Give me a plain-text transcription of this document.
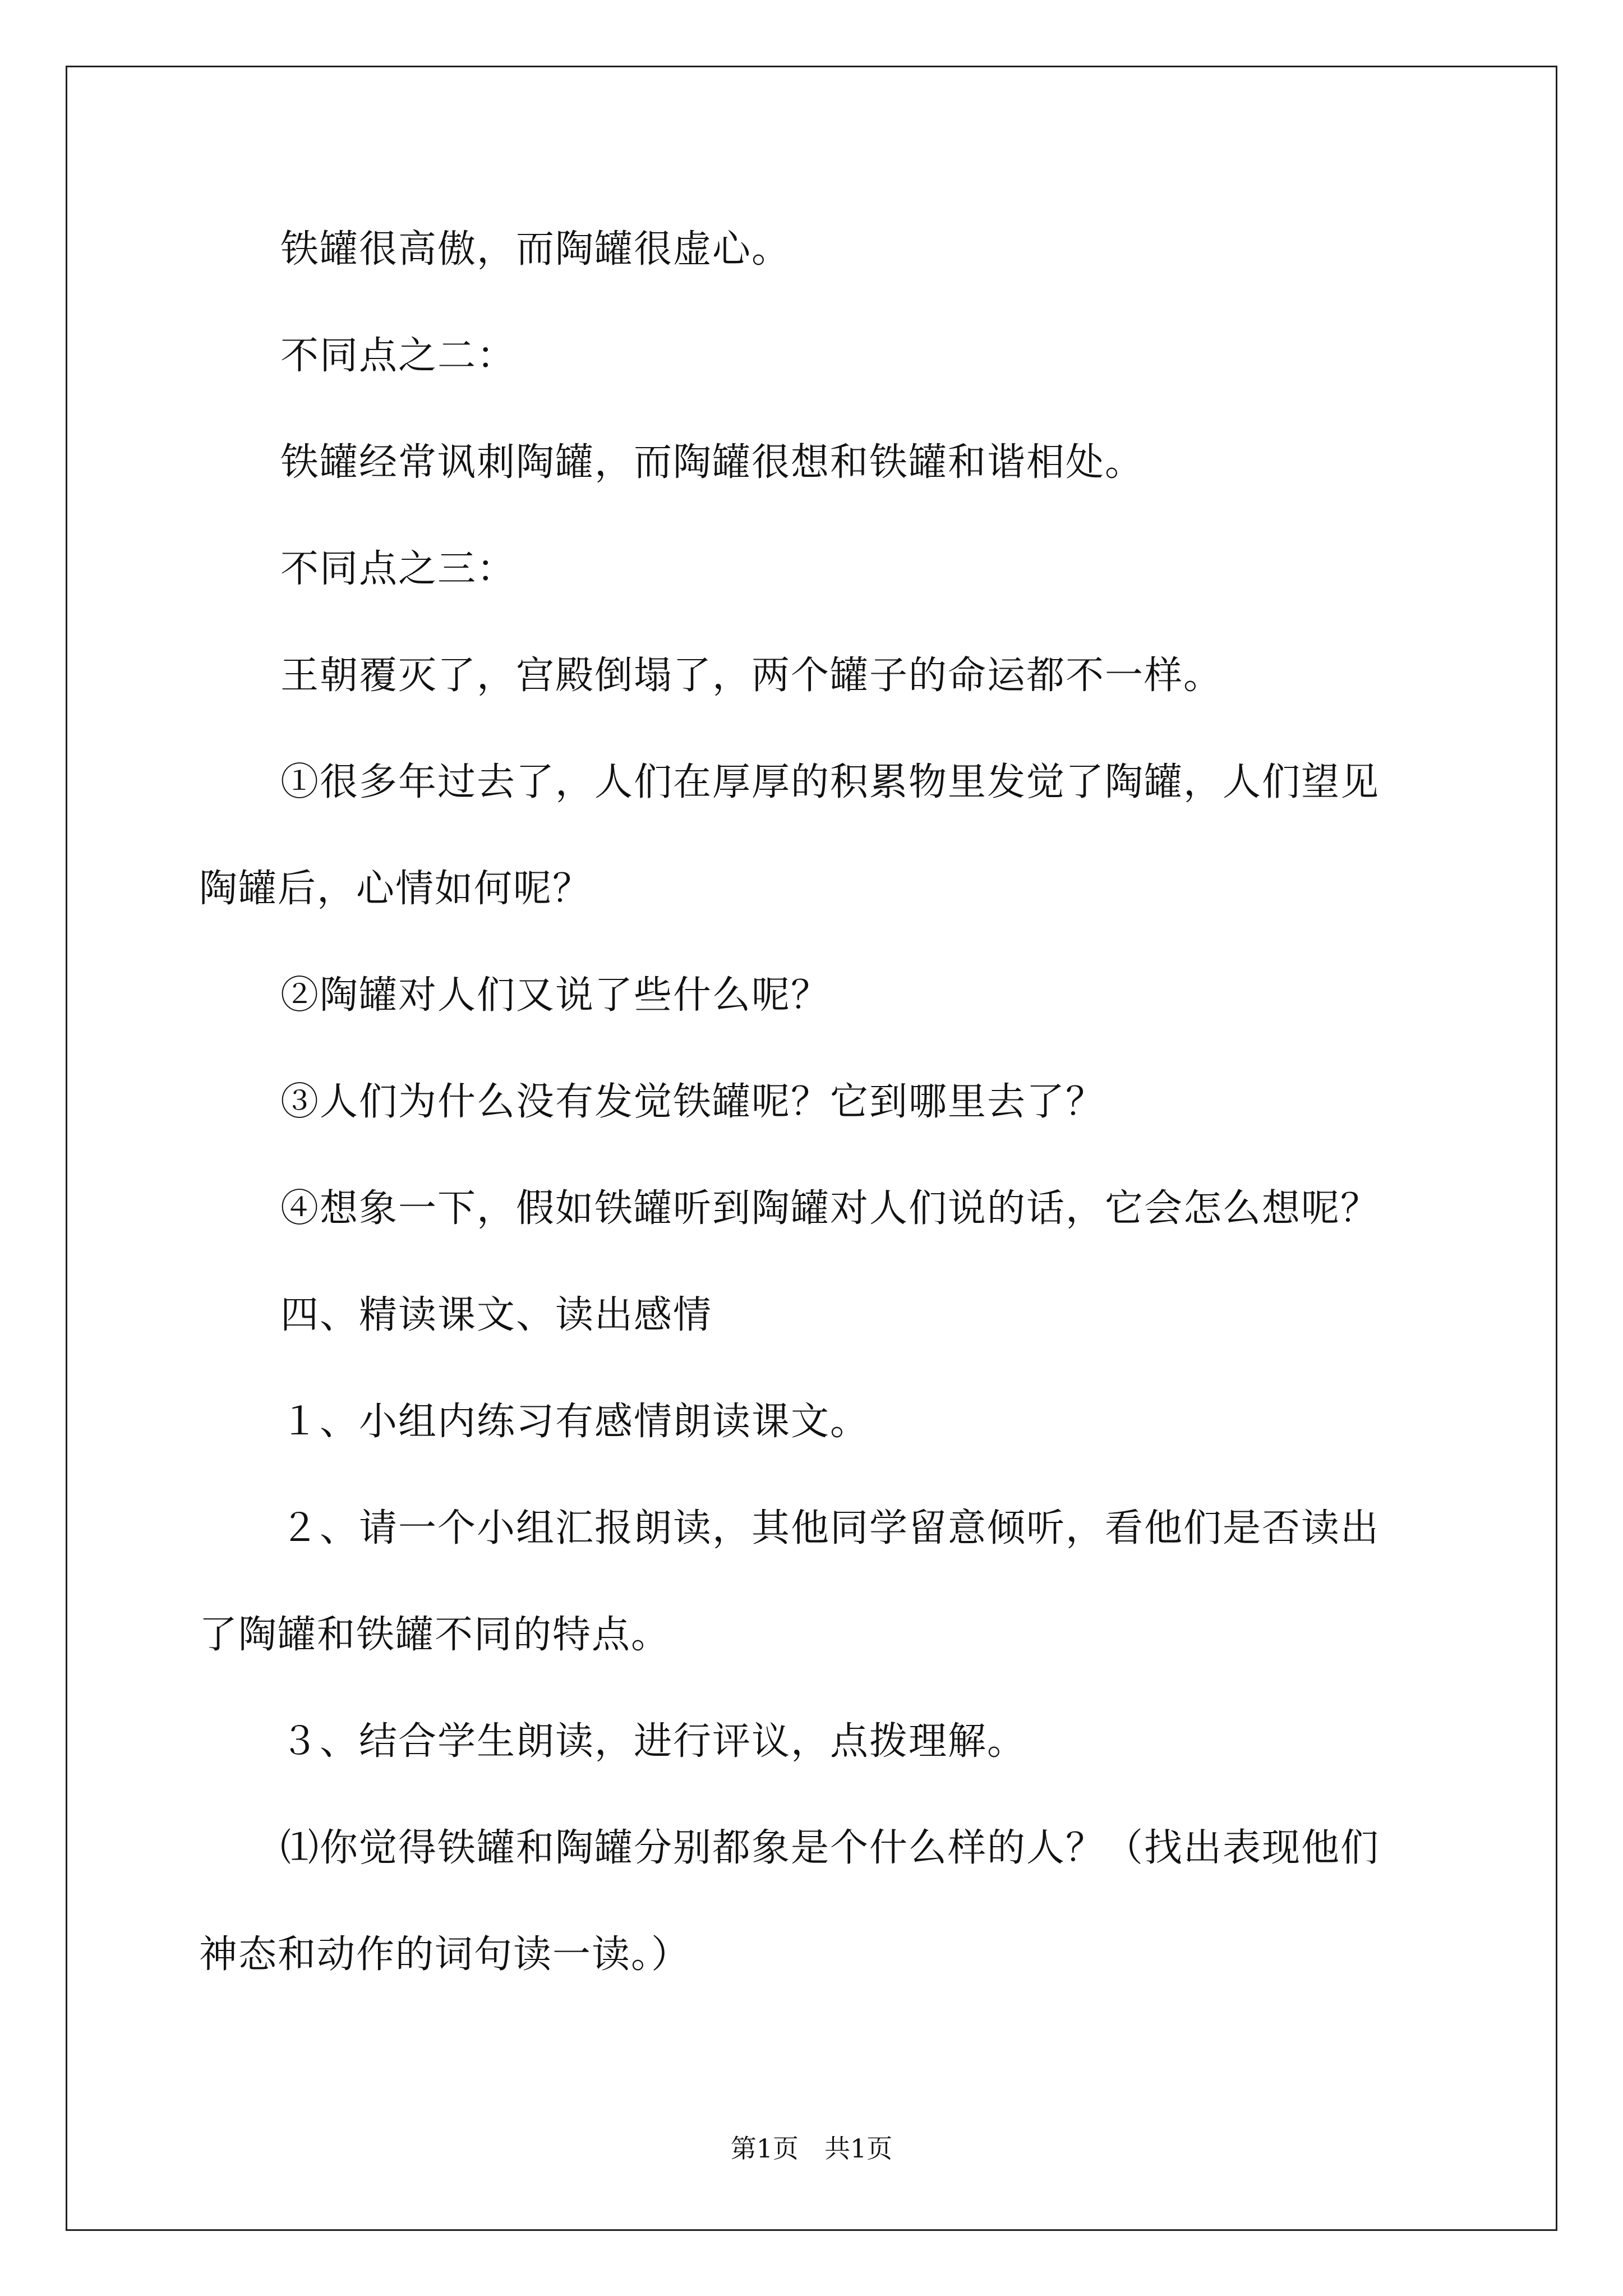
铁罐很高傲，而陶罐很虚心。
不同点之二：
铁罐经常讽刺陶罐，而陶罐很想和铁罐和谐相处。
不同点之三：
王朝覆灭了，宫殿倒塌了，两个罐子的命运都不一样。
①很多年过去了，人们在厚厚的积累物里发觉了陶罐，人们望见
陶罐后，心情如何呢？
②陶罐对人们又说了些什么呢？
③人们为什么没有发觉铁罐呢？它到哪里去了？
④想象一下，假如铁罐听到陶罐对人们说的话，它会怎么想呢？
四、精读课文、读出感情
１、小组内练习有感情朗读课文。
２、请一个小组汇报朗读，其他同学留意倾听，看他们是否读出
了陶罐和铁罐不同的特点。
３、结合学生朗读，进行评议，点拨理解。
⑴你觉得铁罐和陶罐分别都象是个什么样的人？（找出表现他们
神态和动作的词句读一读。）
第1页　共1页
